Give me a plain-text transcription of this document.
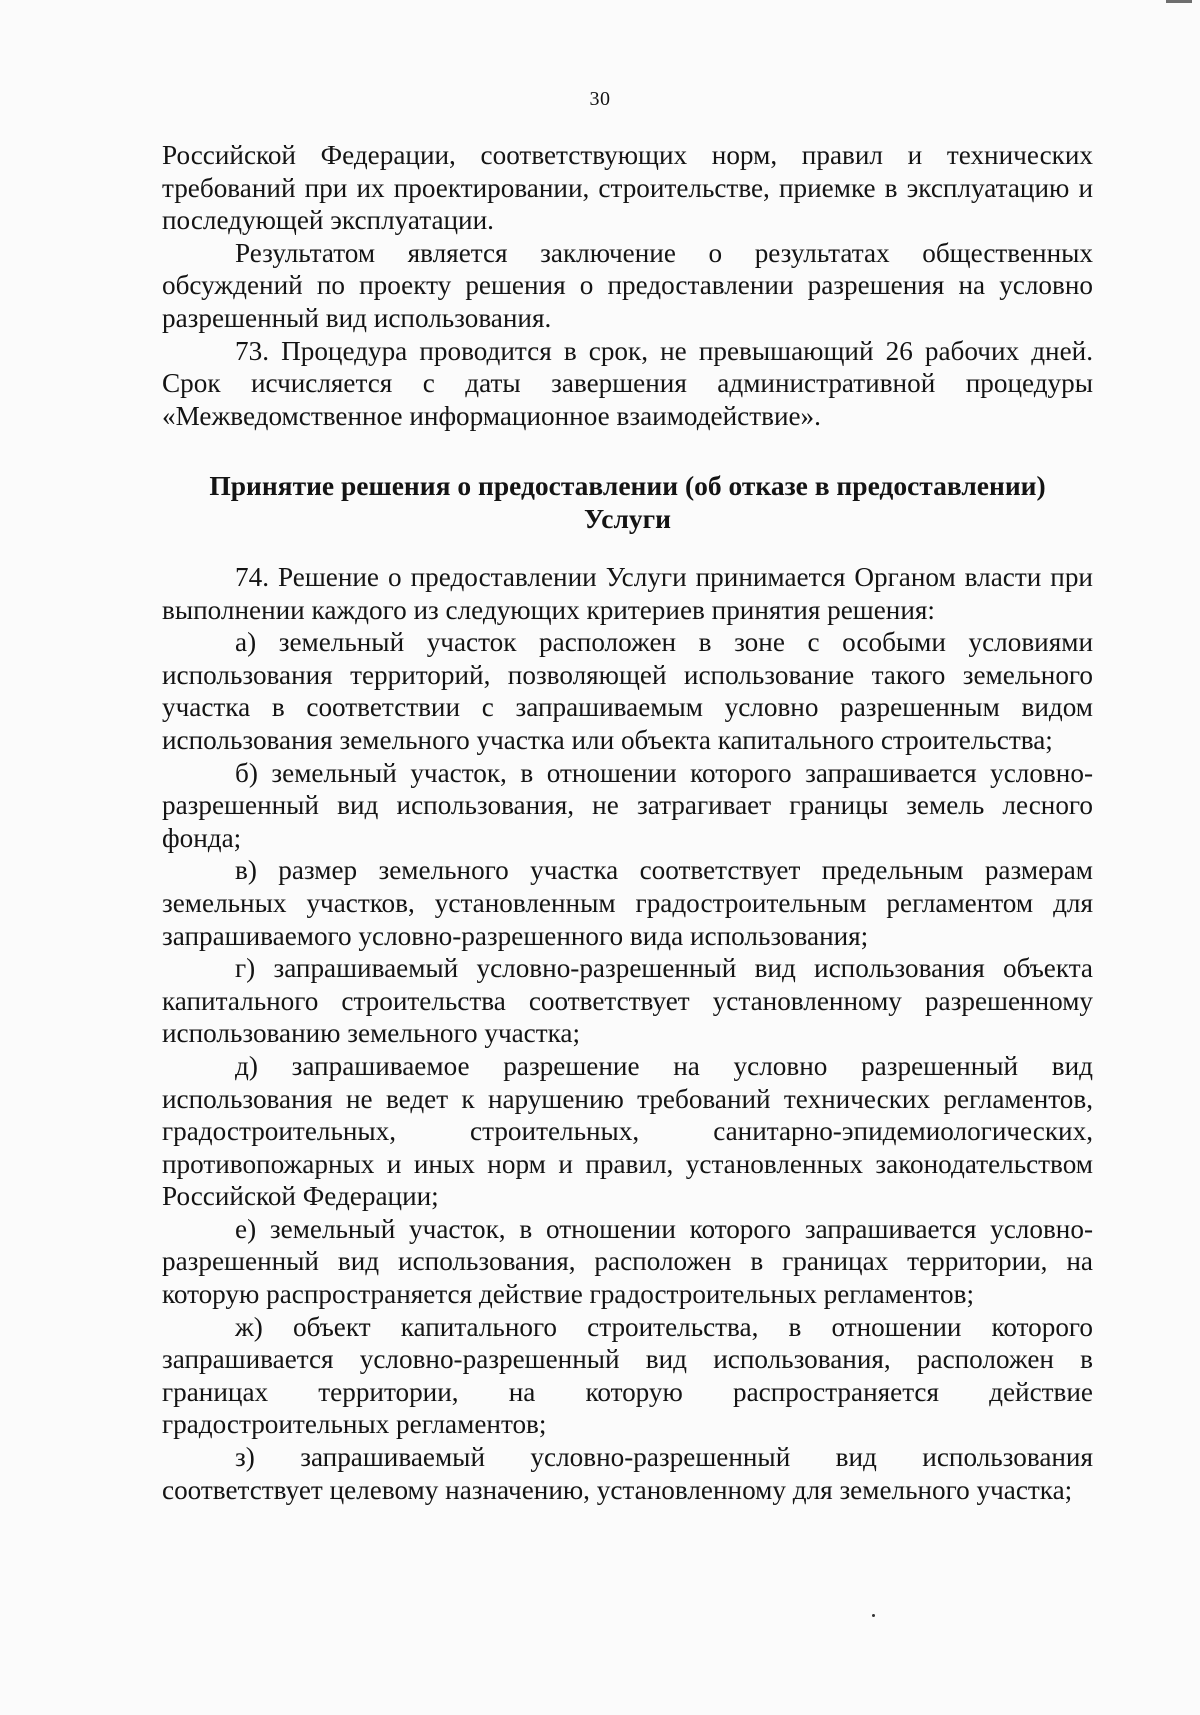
30

Российской Федерации, соответствующих норм, правил и технических требований при их проектировании, строительстве, приемке в эксплуатацию и последующей эксплуатации.

Результатом является заключение о результатах общественных обсуждений по проекту решения о предоставлении разрешения на условно разрешенный вид использования.

73. Процедура проводится в срок, не превышающий 26 рабочих дней. Срок исчисляется с даты завершения административной процедуры «Межведомственное информационное взаимодействие».

Принятие решения о предоставлении (об отказе в предоставлении)
Услуги

74. Решение о предоставлении Услуги принимается Органом власти при выполнении каждого из следующих критериев принятия решения:

а) земельный участок расположен в зоне с особыми условиями использования территорий, позволяющей использование такого земельного участка в соответствии с запрашиваемым условно разрешенным видом использования земельного участка или объекта капитального строительства;

б) земельный участок, в отношении которого запрашивается условно-разрешенный вид использования, не затрагивает границы земель лесного фонда;

в) размер земельного участка соответствует предельным размерам земельных участков, установленным градостроительным регламентом для запрашиваемого условно-разрешенного вида использования;

г) запрашиваемый условно-разрешенный вид использования объекта капитального строительства соответствует установленному разрешенному использованию земельного участка;

д) запрашиваемое разрешение на условно разрешенный вид использования не ведет к нарушению требований технических регламентов, градостроительных, строительных, санитарно-эпидемиологических, противопожарных и иных норм и правил, установленных законодательством Российской Федерации;

е) земельный участок, в отношении которого запрашивается условно-разрешенный вид использования, расположен в границах территории, на которую распространяется действие градостроительных регламентов;

ж) объект капитального строительства, в отношении которого запрашивается условно-разрешенный вид использования, расположен в границах территории, на которую распространяется действие градостроительных регламентов;

з) запрашиваемый условно-разрешенный вид использования соответствует целевому назначению, установленному для земельного участка;
